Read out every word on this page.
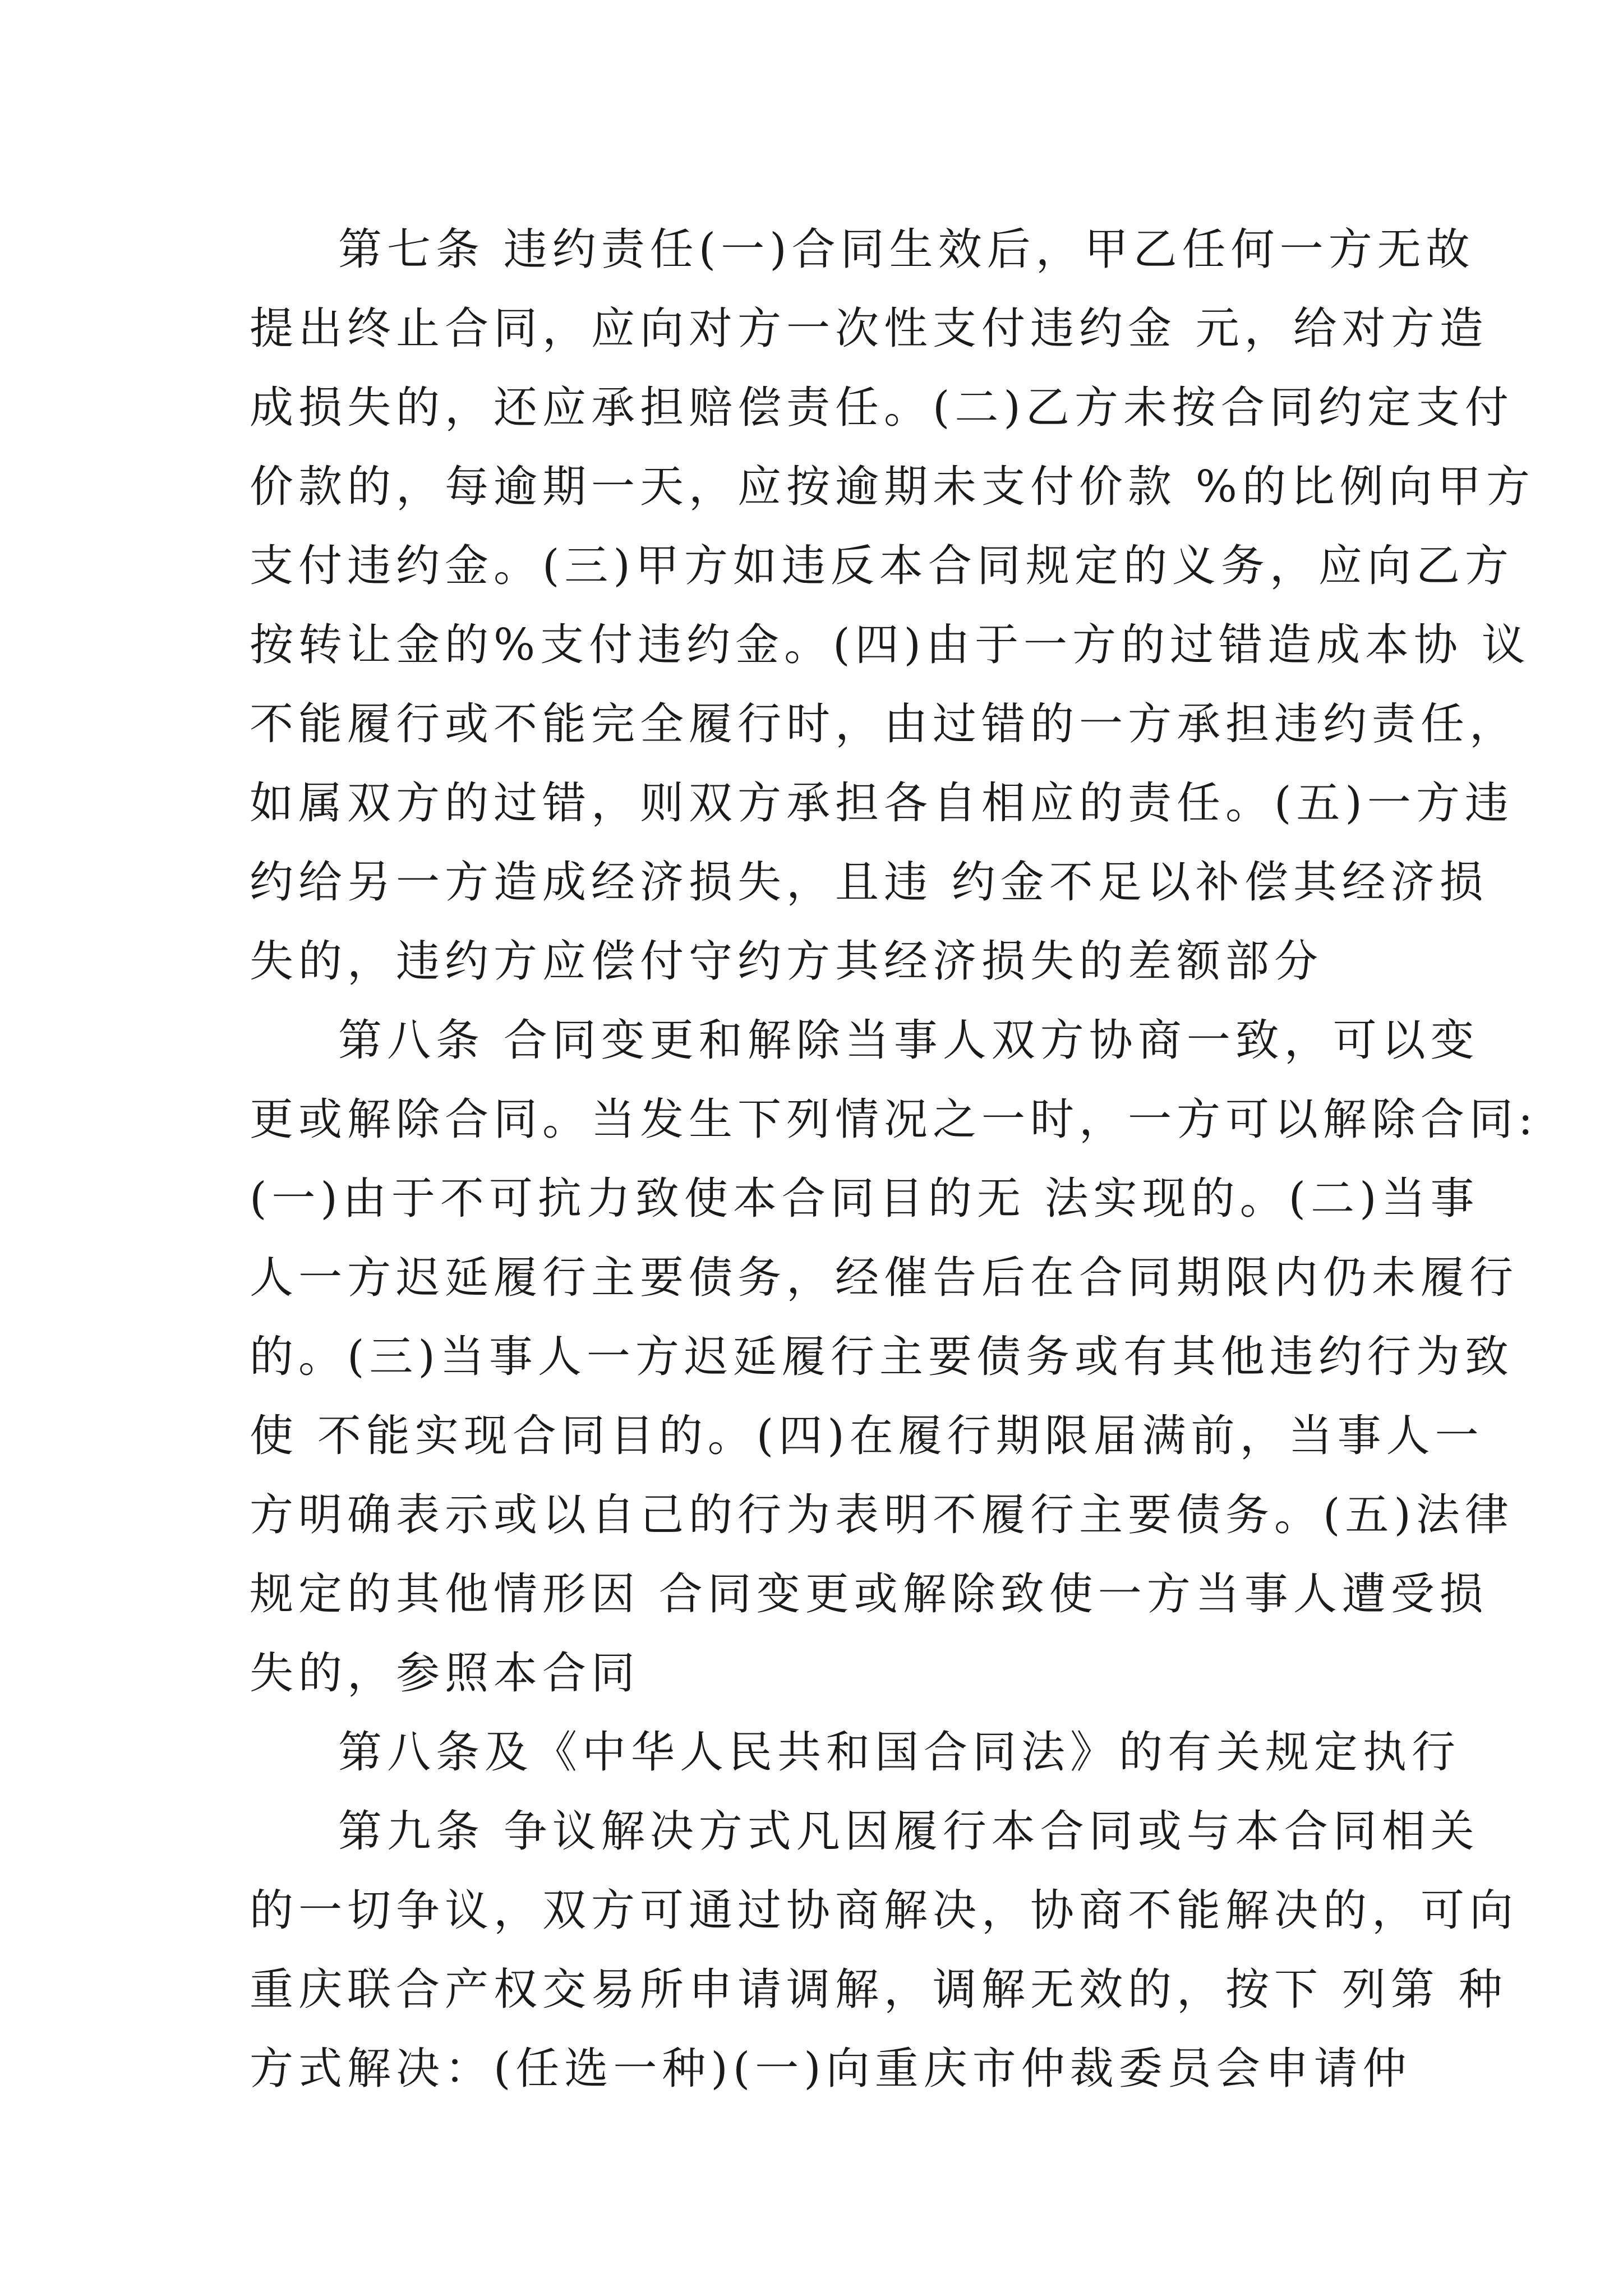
第七条 违约责任(一)合同生效后，甲乙任何一方无故
提出终止合同，应向对方一次性支付违约金 元，给对方造
成损失的，还应承担赔偿责任。(二)乙方未按合同约定支付
价款的，每逾期一天，应按逾期未支付价款 %的比例向甲方
支付违约金。(三)甲方如违反本合同规定的义务，应向乙方
按转让金的%支付违约金。(四)由于一方的过错造成本协 议
不能履行或不能完全履行时，由过错的一方承担违约责任，
如属双方的过错，则双方承担各自相应的责任。(五)一方违
约给另一方造成经济损失，且违 约金不足以补偿其经济损
失的，违约方应偿付守约方其经济损失的差额部分
第八条 合同变更和解除当事人双方协商一致，可以变
更或解除合同。当发生下列情况之一时，一方可以解除合同:
(一)由于不可抗力致使本合同目的无 法实现的。(二)当事
人一方迟延履行主要债务，经催告后在合同期限内仍未履行
的。(三)当事人一方迟延履行主要债务或有其他违约行为致
使 不能实现合同目的。(四)在履行期限届满前，当事人一
方明确表示或以自己的行为表明不履行主要债务。(五)法律
规定的其他情形因 合同变更或解除致使一方当事人遭受损
失的，参照本合同
第八条及《中华人民共和国合同法》的有关规定执行
第九条 争议解决方式凡因履行本合同或与本合同相关
的一切争议，双方可通过协商解决，协商不能解决的，可向
重庆联合产权交易所申请调解，调解无效的，按下 列第 种
方式解决：(任选一种)(一)向重庆市仲裁委员会申请仲
